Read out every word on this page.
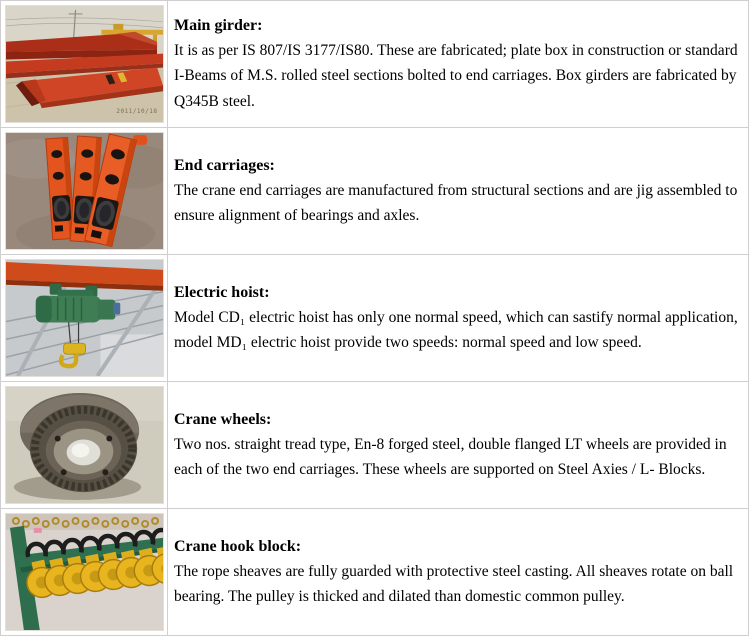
2011/10/18
Main girder:
It is as per IS 807/IS 3177/IS80. These are fabricated; plate box in construction or standard I-Beams of M.S. rolled steel sections bolted to end carriages. Box girders are fabricated by Q345B steel.
End carriages:
The crane end carriages are manufactured from structural sections and are jig assembled to ensure alignment of bearings and axles.
Electric hoist:
Model CD₁ electric hoist has only one normal speed, which can sastify normal application, model MD₁ electric hoist provide two speeds: normal speed and low speed.
Crane wheels:
Two nos. straight tread type, En-8 forged steel, double flanged LT wheels are provided in each of the two end carriages. These wheels are supported on Steel Axies / L- Blocks.
Crane hook block:
The rope sheaves are fully guarded with protective steel casting. All sheaves rotate on ball bearing. The pulley is thicked and dilated than domestic common pulley.
